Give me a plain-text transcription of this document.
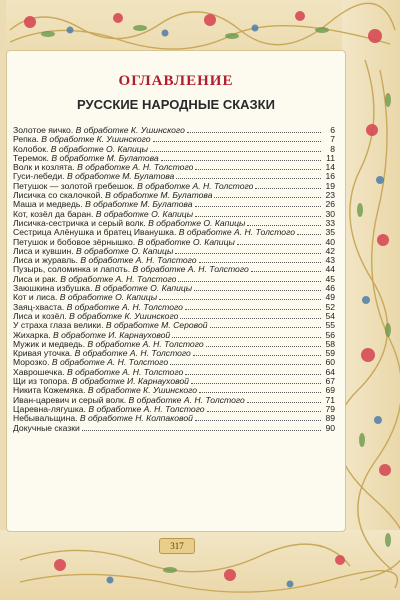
ОГЛАВЛЕНИЕ
РУССКИЕ НАРОДНЫЕ СКАЗКИ
Золотое яичко. В обработке К. Ушинского	6
Репка. В обработке К. Ушинского	7
Колобок. В обработке О. Капицы	8
Теремок. В обработке М. Булатова	11
Волк и козлята. В обработке А. Н. Толстого	14
Гуси-лебеди. В обработке М. Булатова	16
Петушок — золотой гребешок. В обработке А. Н. Толстого	19
Лисичка со скалочкой. В обработке М. Булатова	23
Маша и медведь. В обработке М. Булатова	26
Кот, козёл да баран. В обработке О. Капицы	30
Лисичка-сестричка и серый волк. В обработке О. Капицы	33
Сестрица Алёнушка и братец Иванушка. В обработке А. Н. Толстого	35
Петушок и бобовое зёрнышко. В обработке О. Капицы	40
Лиса и кувшин. В обработке О. Капицы	42
Лиса и журавль. В обработке А. Н. Толстого	43
Пузырь, соломинка и лапоть. В обработке А. Н. Толстого	44
Лиса и рак. В обработке А. Н. Толстого	45
Заюшкина избушка. В обработке О. Капицы	46
Кот и лиса. В обработке О. Капицы	49
Заяц-хваста. В обработке А. Н. Толстого	52
Лиса и козёл. В обработке К. Ушинского	54
У страха глаза велики. В обработке М. Серовой	55
Жихарка. В обработке И. Карнауховой	56
Мужик и медведь. В обработке А. Н. Толстого	58
Кривая уточка. В обработке А. Н. Толстого	59
Морозко. В обработке А. Н. Толстого	60
Хаврошечка. В обработке А. Н. Толстого	64
Щи из топора. В обработке И. Карнауховой	67
Никита Кожемяка. В обработке К. Ушинского	69
Иван-царевич и серый волк. В обработке А. Н. Толстого	71
Царевна-лягушка. В обработке А. Н. Толстого	79
Небывальщина. В обработке Н. Колпаковой	89
Докучные сказки	90
317
